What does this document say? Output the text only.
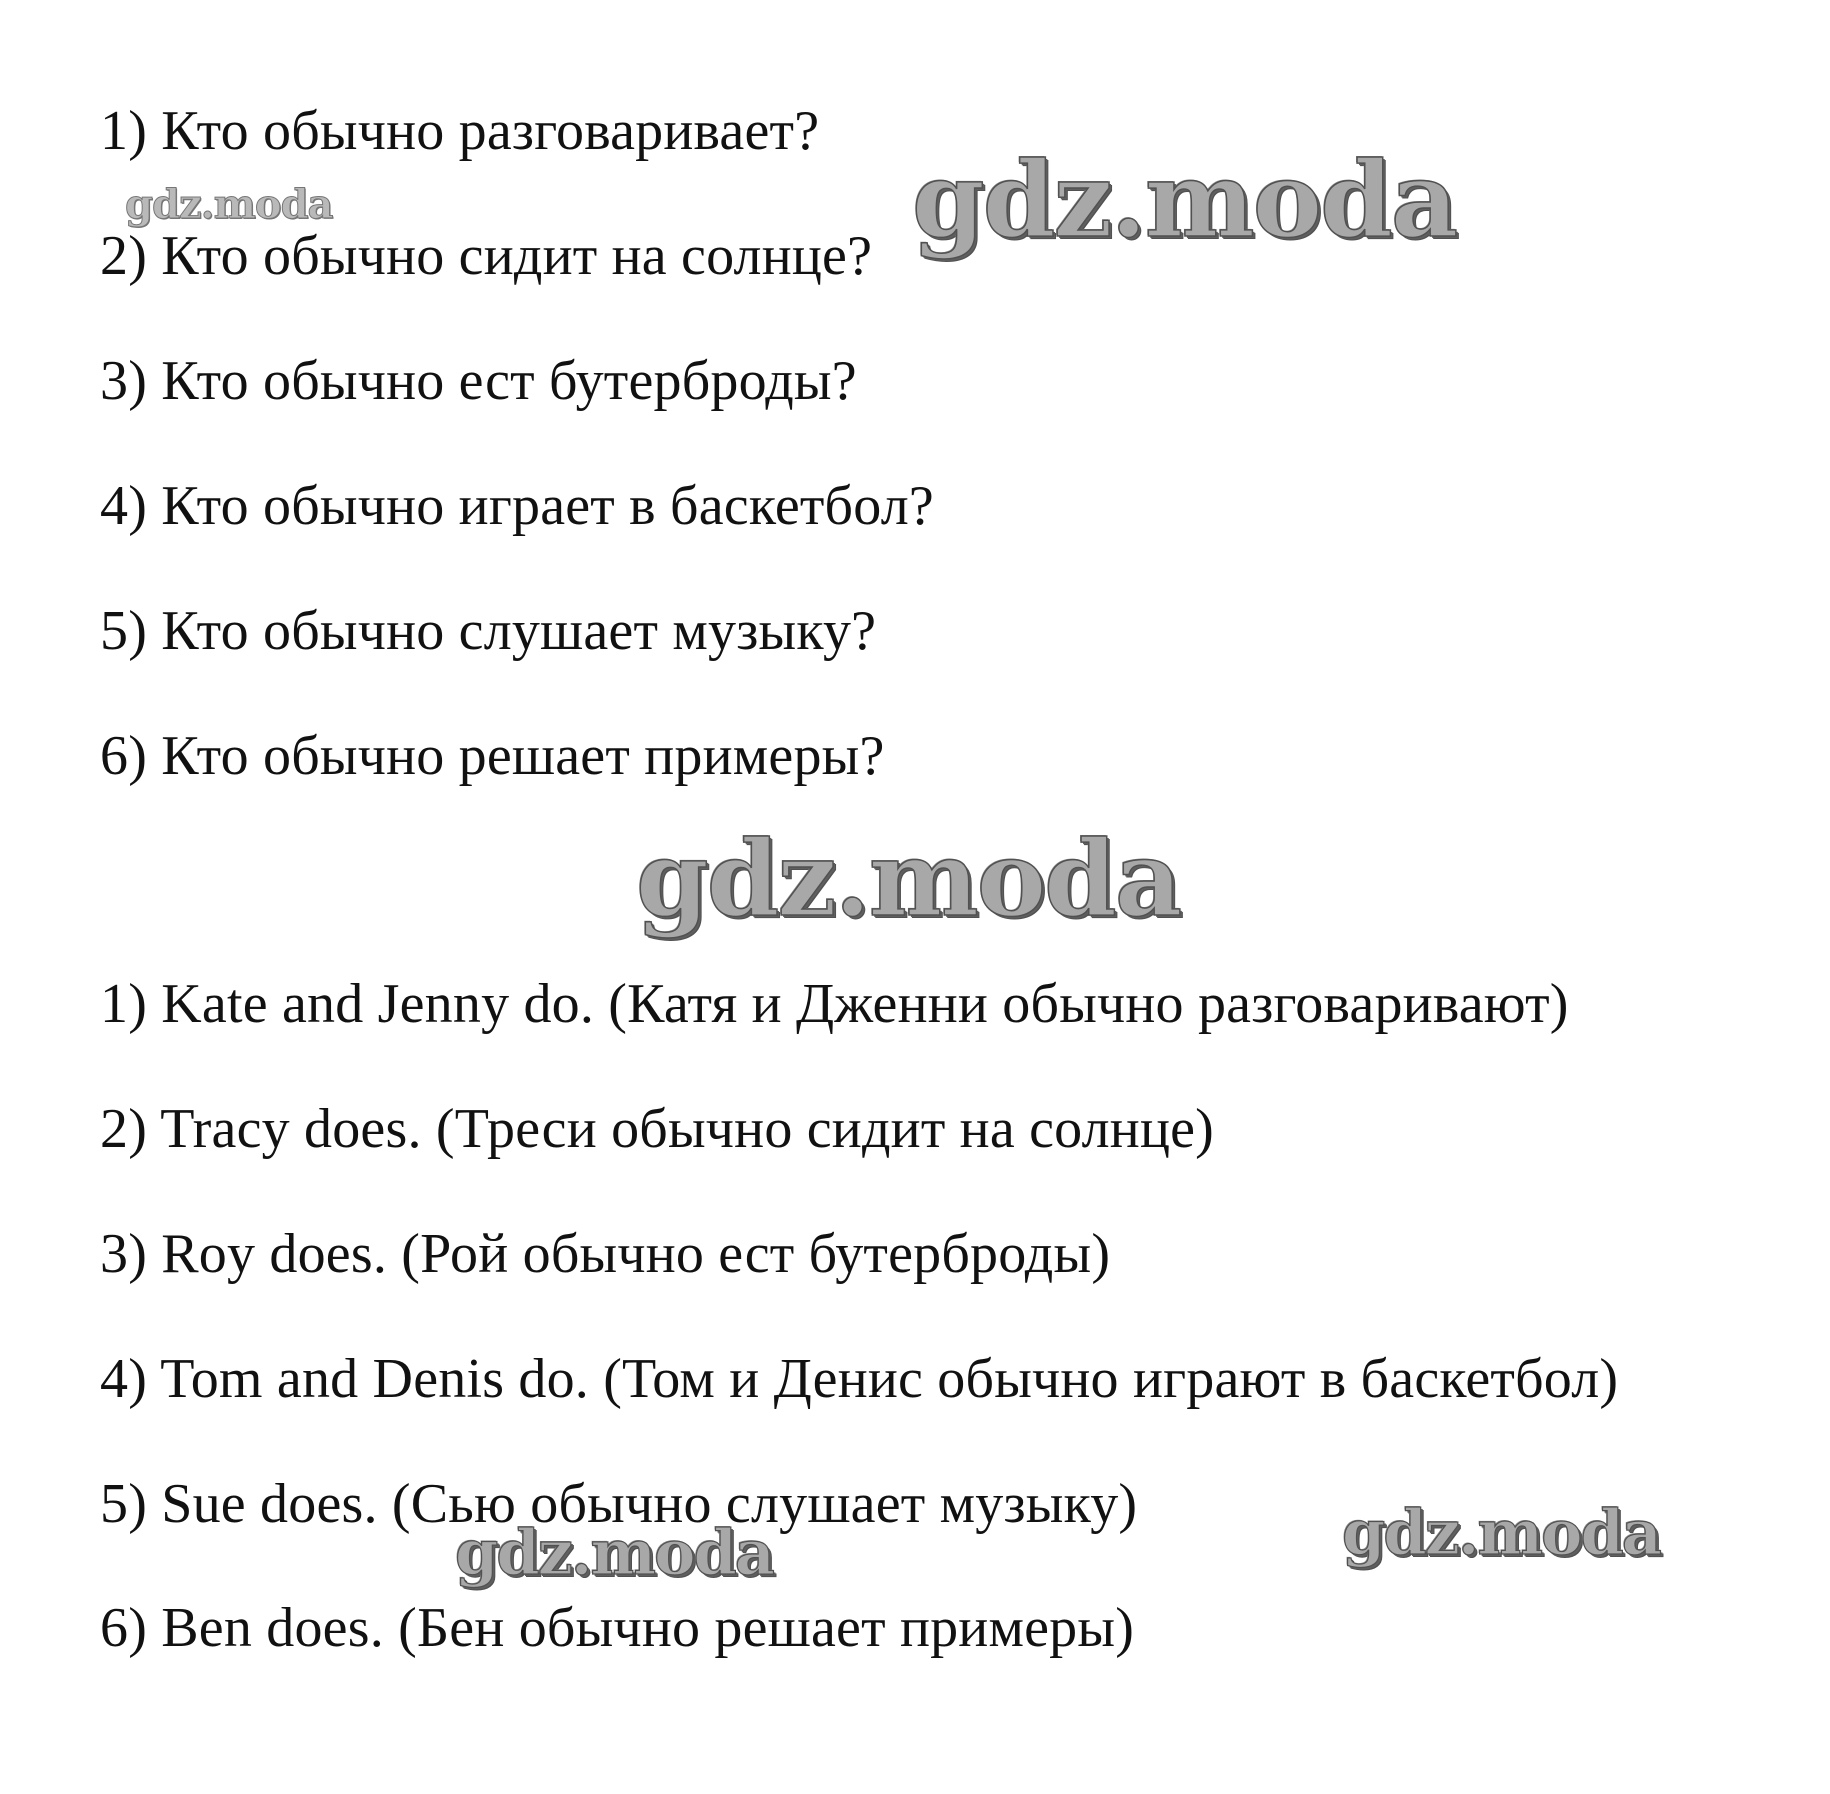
1) Кто обычно разговаривает?
2) Кто обычно сидит на солнце?
3) Кто обычно ест бутерброды?
4) Кто обычно играет в баскетбол?
5) Кто обычно слушает музыку?
6) Кто обычно решает примеры?
1) Kate and Jenny do. (Катя и Дженни обычно разговаривают)
2) Tracy does. (Треси обычно сидит на солнце)
3) Roy does. (Рой обычно ест бутерброды)
4) Tom and Denis do. (Том и Денис обычно играют в баскетбол)
5) Sue does. (Сью обычно слушает музыку)
6) Ben does. (Бен обычно решает примеры)
gdz.moda	gdz.moda
gdz.moda
gdz.moda	gdz.moda
